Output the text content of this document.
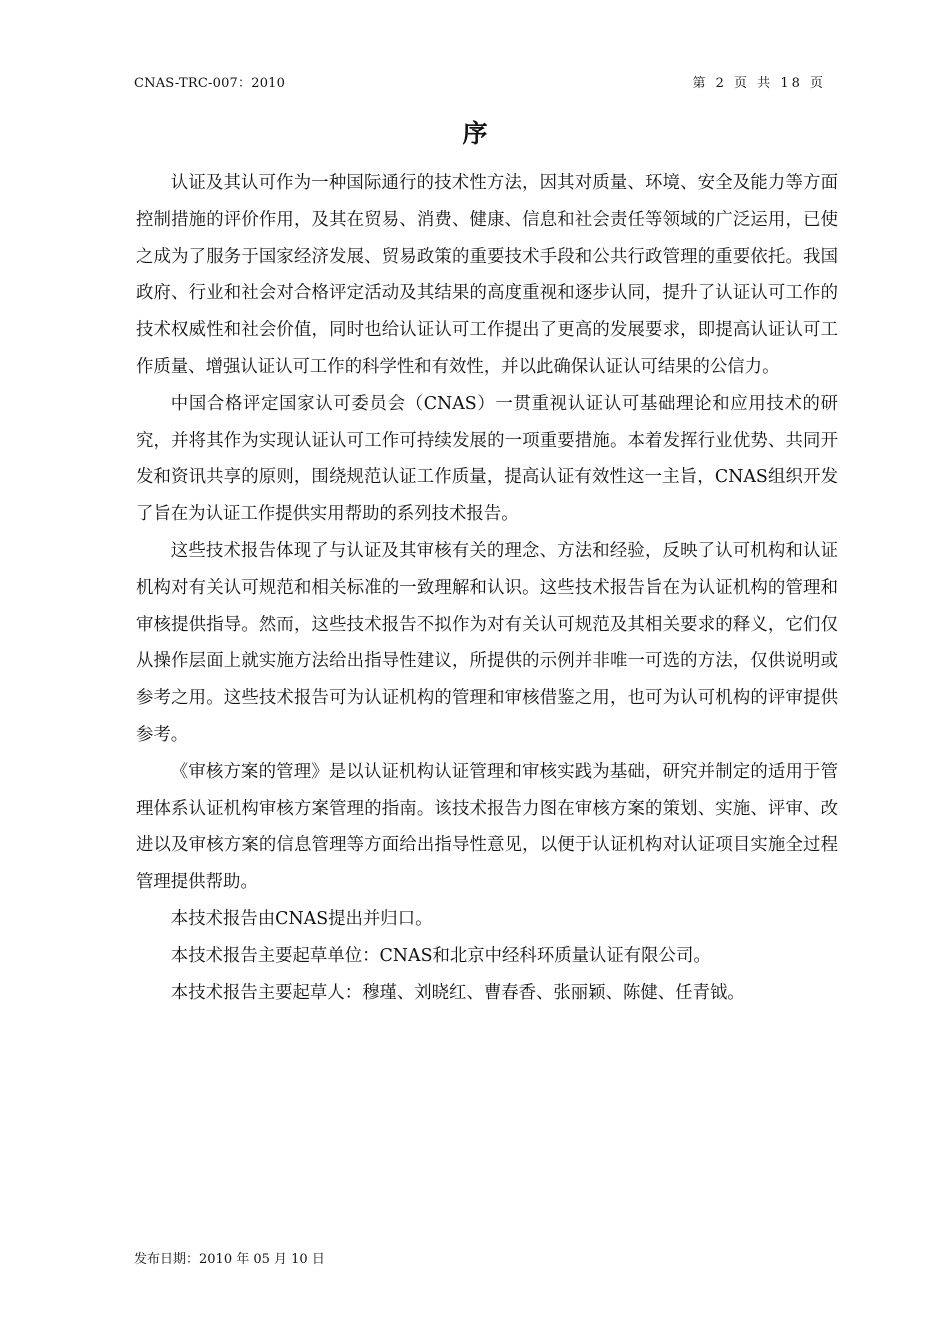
CNAS-TRC-007：2010	第 2 页 共 18 页
序

认证及其认可作为一种国际通行的技术性方法，因其对质量、环境、安全及能力等方面控制措施的评价作用，及其在贸易、消费、健康、信息和社会责任等领域的广泛运用，已使之成为了服务于国家经济发展、贸易政策的重要技术手段和公共行政管理的重要依托。我国政府、行业和社会对合格评定活动及其结果的高度重视和逐步认同，提升了认证认可工作的技术权威性和社会价值，同时也给认证认可工作提出了更高的发展要求，即提高认证认可工作质量、增强认证认可工作的科学性和有效性，并以此确保认证认可结果的公信力。

中国合格评定国家认可委员会（CNAS）一贯重视认证认可基础理论和应用技术的研究，并将其作为实现认证认可工作可持续发展的一项重要措施。本着发挥行业优势、共同开发和资讯共享的原则，围绕规范认证工作质量，提高认证有效性这一主旨，CNAS组织开发了旨在为认证工作提供实用帮助的系列技术报告。

这些技术报告体现了与认证及其审核有关的理念、方法和经验，反映了认可机构和认证机构对有关认可规范和相关标准的一致理解和认识。这些技术报告旨在为认证机构的管理和审核提供指导。然而，这些技术报告不拟作为对有关认可规范及其相关要求的释义，它们仅从操作层面上就实施方法给出指导性建议，所提供的示例并非唯一可选的方法，仅供说明或参考之用。这些技术报告可为认证机构的管理和审核借鉴之用，也可为认可机构的评审提供参考。

《审核方案的管理》是以认证机构认证管理和审核实践为基础，研究并制定的适用于管理体系认证机构审核方案管理的指南。该技术报告力图在审核方案的策划、实施、评审、改进以及审核方案的信息管理等方面给出指导性意见，以便于认证机构对认证项目实施全过程管理提供帮助。

本技术报告由CNAS提出并归口。

本技术报告主要起草单位：CNAS和北京中经科环质量认证有限公司。

本技术报告主要起草人：穆瑾、刘晓红、曹春香、张丽颖、陈健、任青钺。

发布日期：2010 年 05 月 10 日
